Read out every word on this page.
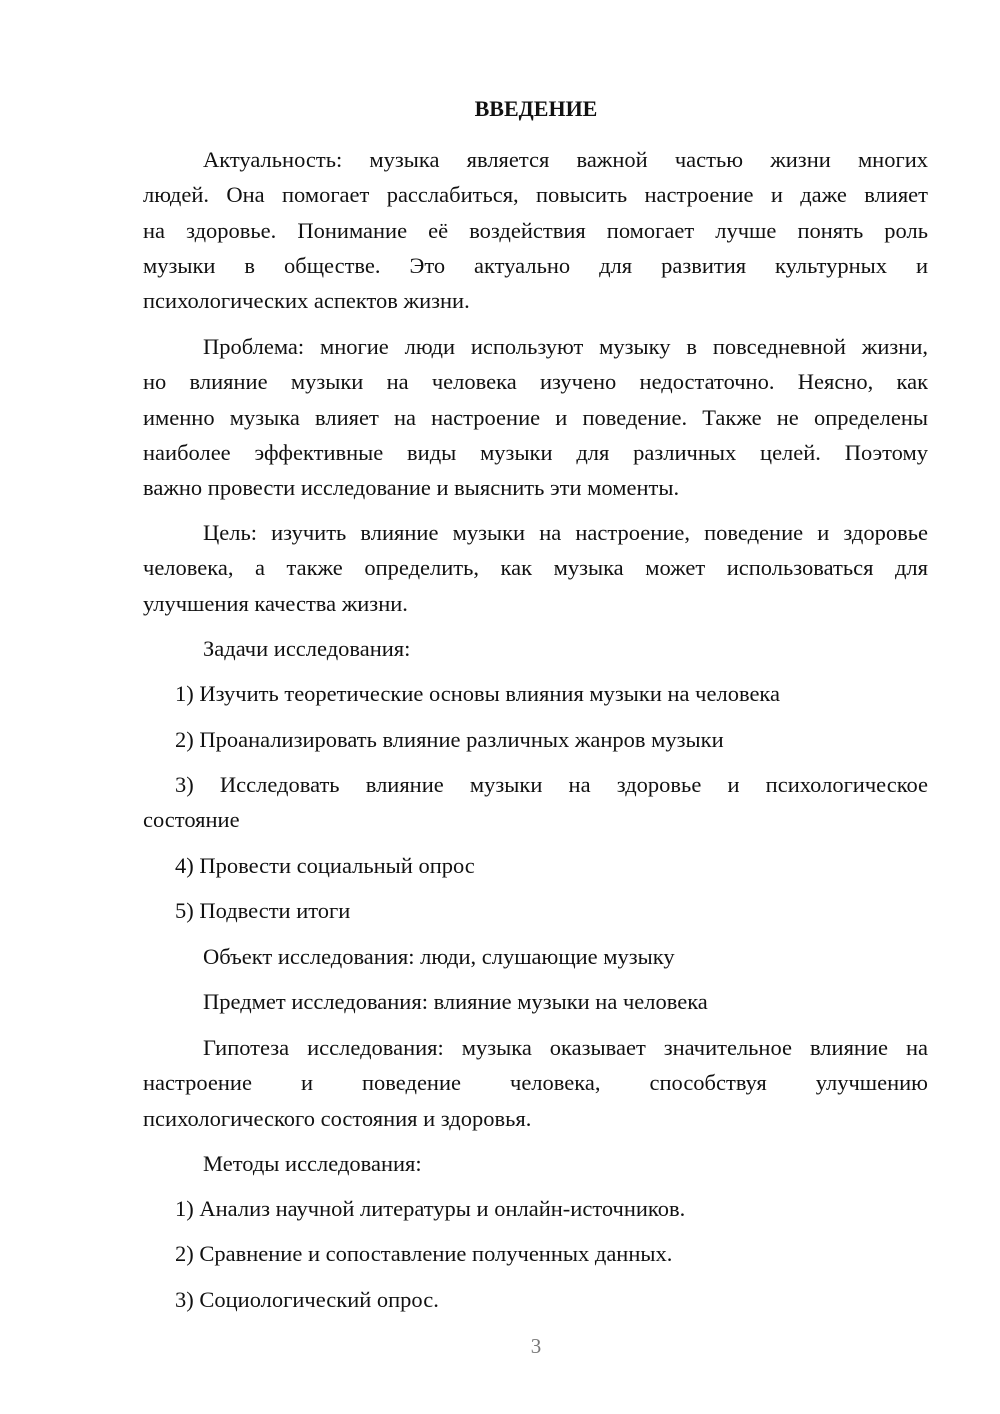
ВВЕДЕНИЕ
Актуальность: музыка является важной частью жизни многих
людей. Она помогает расслабиться, повысить настроение и даже влияет
на здоровье. Понимание её воздействия помогает лучше понять роль
музыки в обществе. Это актуально для развития культурных и
психологических аспектов жизни.
Проблема: многие люди используют музыку в повседневной жизни,
но влияние музыки на человека изучено недостаточно. Неясно, как
именно музыка влияет на настроение и поведение. Также не определены
наиболее эффективные виды музыки для различных целей. Поэтому
важно провести исследование и выяснить эти моменты.
Цель: изучить влияние музыки на настроение, поведение и здоровье
человека, а также определить, как музыка может использоваться для
улучшения качества жизни.
Задачи исследования:
1) Изучить теоретические основы влияния музыки на человека
2) Проанализировать влияние различных жанров музыки
3) Исследовать влияние музыки на здоровье и психологическое
состояние
4) Провести социальный опрос
5) Подвести итоги
Объект исследования: люди, слушающие музыку
Предмет исследования: влияние музыки на человека
Гипотеза исследования: музыка оказывает значительное влияние на
настроение и поведение человека, способствуя улучшению
психологического состояния и здоровья.
Методы исследования:
1) Анализ научной литературы и онлайн-источников.
2) Сравнение и сопоставление полученных данных.
3) Социологический опрос.
3
